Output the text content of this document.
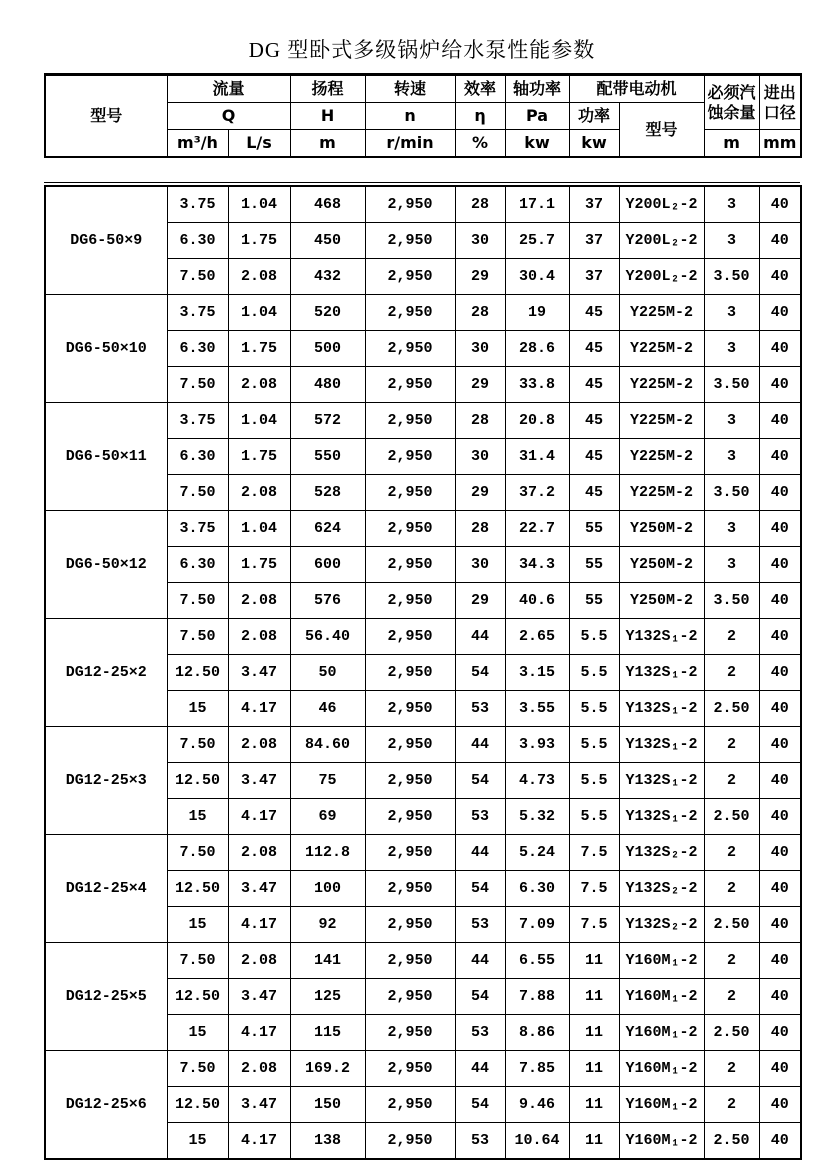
DG 型卧式多级锅炉给水泵性能参数
型号	流量		扬程	转速	效率	轴功率	配带电动机		必须汽蚀余量	进出口径
	Q		H	n	η	Pa	功率	型号		
	m³/h	L/s	m	r/min	%	kw	kw		m	mm
DG6-50×9	3.75	1.04	468	2,950	28	17.1	37	Y200L₂-2	3	40
	6.30	1.75	450	2,950	30	25.7	37	Y200L₂-2	3	40
	7.50	2.08	432	2,950	29	30.4	37	Y200L₂-2	3.50	40
DG6-50×10	3.75	1.04	520	2,950	28	19	45	Y225M-2	3	40
	6.30	1.75	500	2,950	30	28.6	45	Y225M-2	3	40
	7.50	2.08	480	2,950	29	33.8	45	Y225M-2	3.50	40
DG6-50×11	3.75	1.04	572	2,950	28	20.8	45	Y225M-2	3	40
	6.30	1.75	550	2,950	30	31.4	45	Y225M-2	3	40
	7.50	2.08	528	2,950	29	37.2	45	Y225M-2	3.50	40
DG6-50×12	3.75	1.04	624	2,950	28	22.7	55	Y250M-2	3	40
	6.30	1.75	600	2,950	30	34.3	55	Y250M-2	3	40
	7.50	2.08	576	2,950	29	40.6	55	Y250M-2	3.50	40
DG12-25×2	7.50	2.08	56.40	2,950	44	2.65	5.5	Y132S₁-2	2	40
	12.50	3.47	50	2,950	54	3.15	5.5	Y132S₁-2	2	40
	15	4.17	46	2,950	53	3.55	5.5	Y132S₁-2	2.50	40
DG12-25×3	7.50	2.08	84.60	2,950	44	3.93	5.5	Y132S₁-2	2	40
	12.50	3.47	75	2,950	54	4.73	5.5	Y132S₁-2	2	40
	15	4.17	69	2,950	53	5.32	5.5	Y132S₁-2	2.50	40
DG12-25×4	7.50	2.08	112.8	2,950	44	5.24	7.5	Y132S₂-2	2	40
	12.50	3.47	100	2,950	54	6.30	7.5	Y132S₂-2	2	40
	15	4.17	92	2,950	53	7.09	7.5	Y132S₂-2	2.50	40
DG12-25×5	7.50	2.08	141	2,950	44	6.55	11	Y160M₁-2	2	40
	12.50	3.47	125	2,950	54	7.88	11	Y160M₁-2	2	40
	15	4.17	115	2,950	53	8.86	11	Y160M₁-2	2.50	40
DG12-25×6	7.50	2.08	169.2	2,950	44	7.85	11	Y160M₁-2	2	40
	12.50	3.47	150	2,950	54	9.46	11	Y160M₁-2	2	40
	15	4.17	138	2,950	53	10.64	11	Y160M₁-2	2.50	40
